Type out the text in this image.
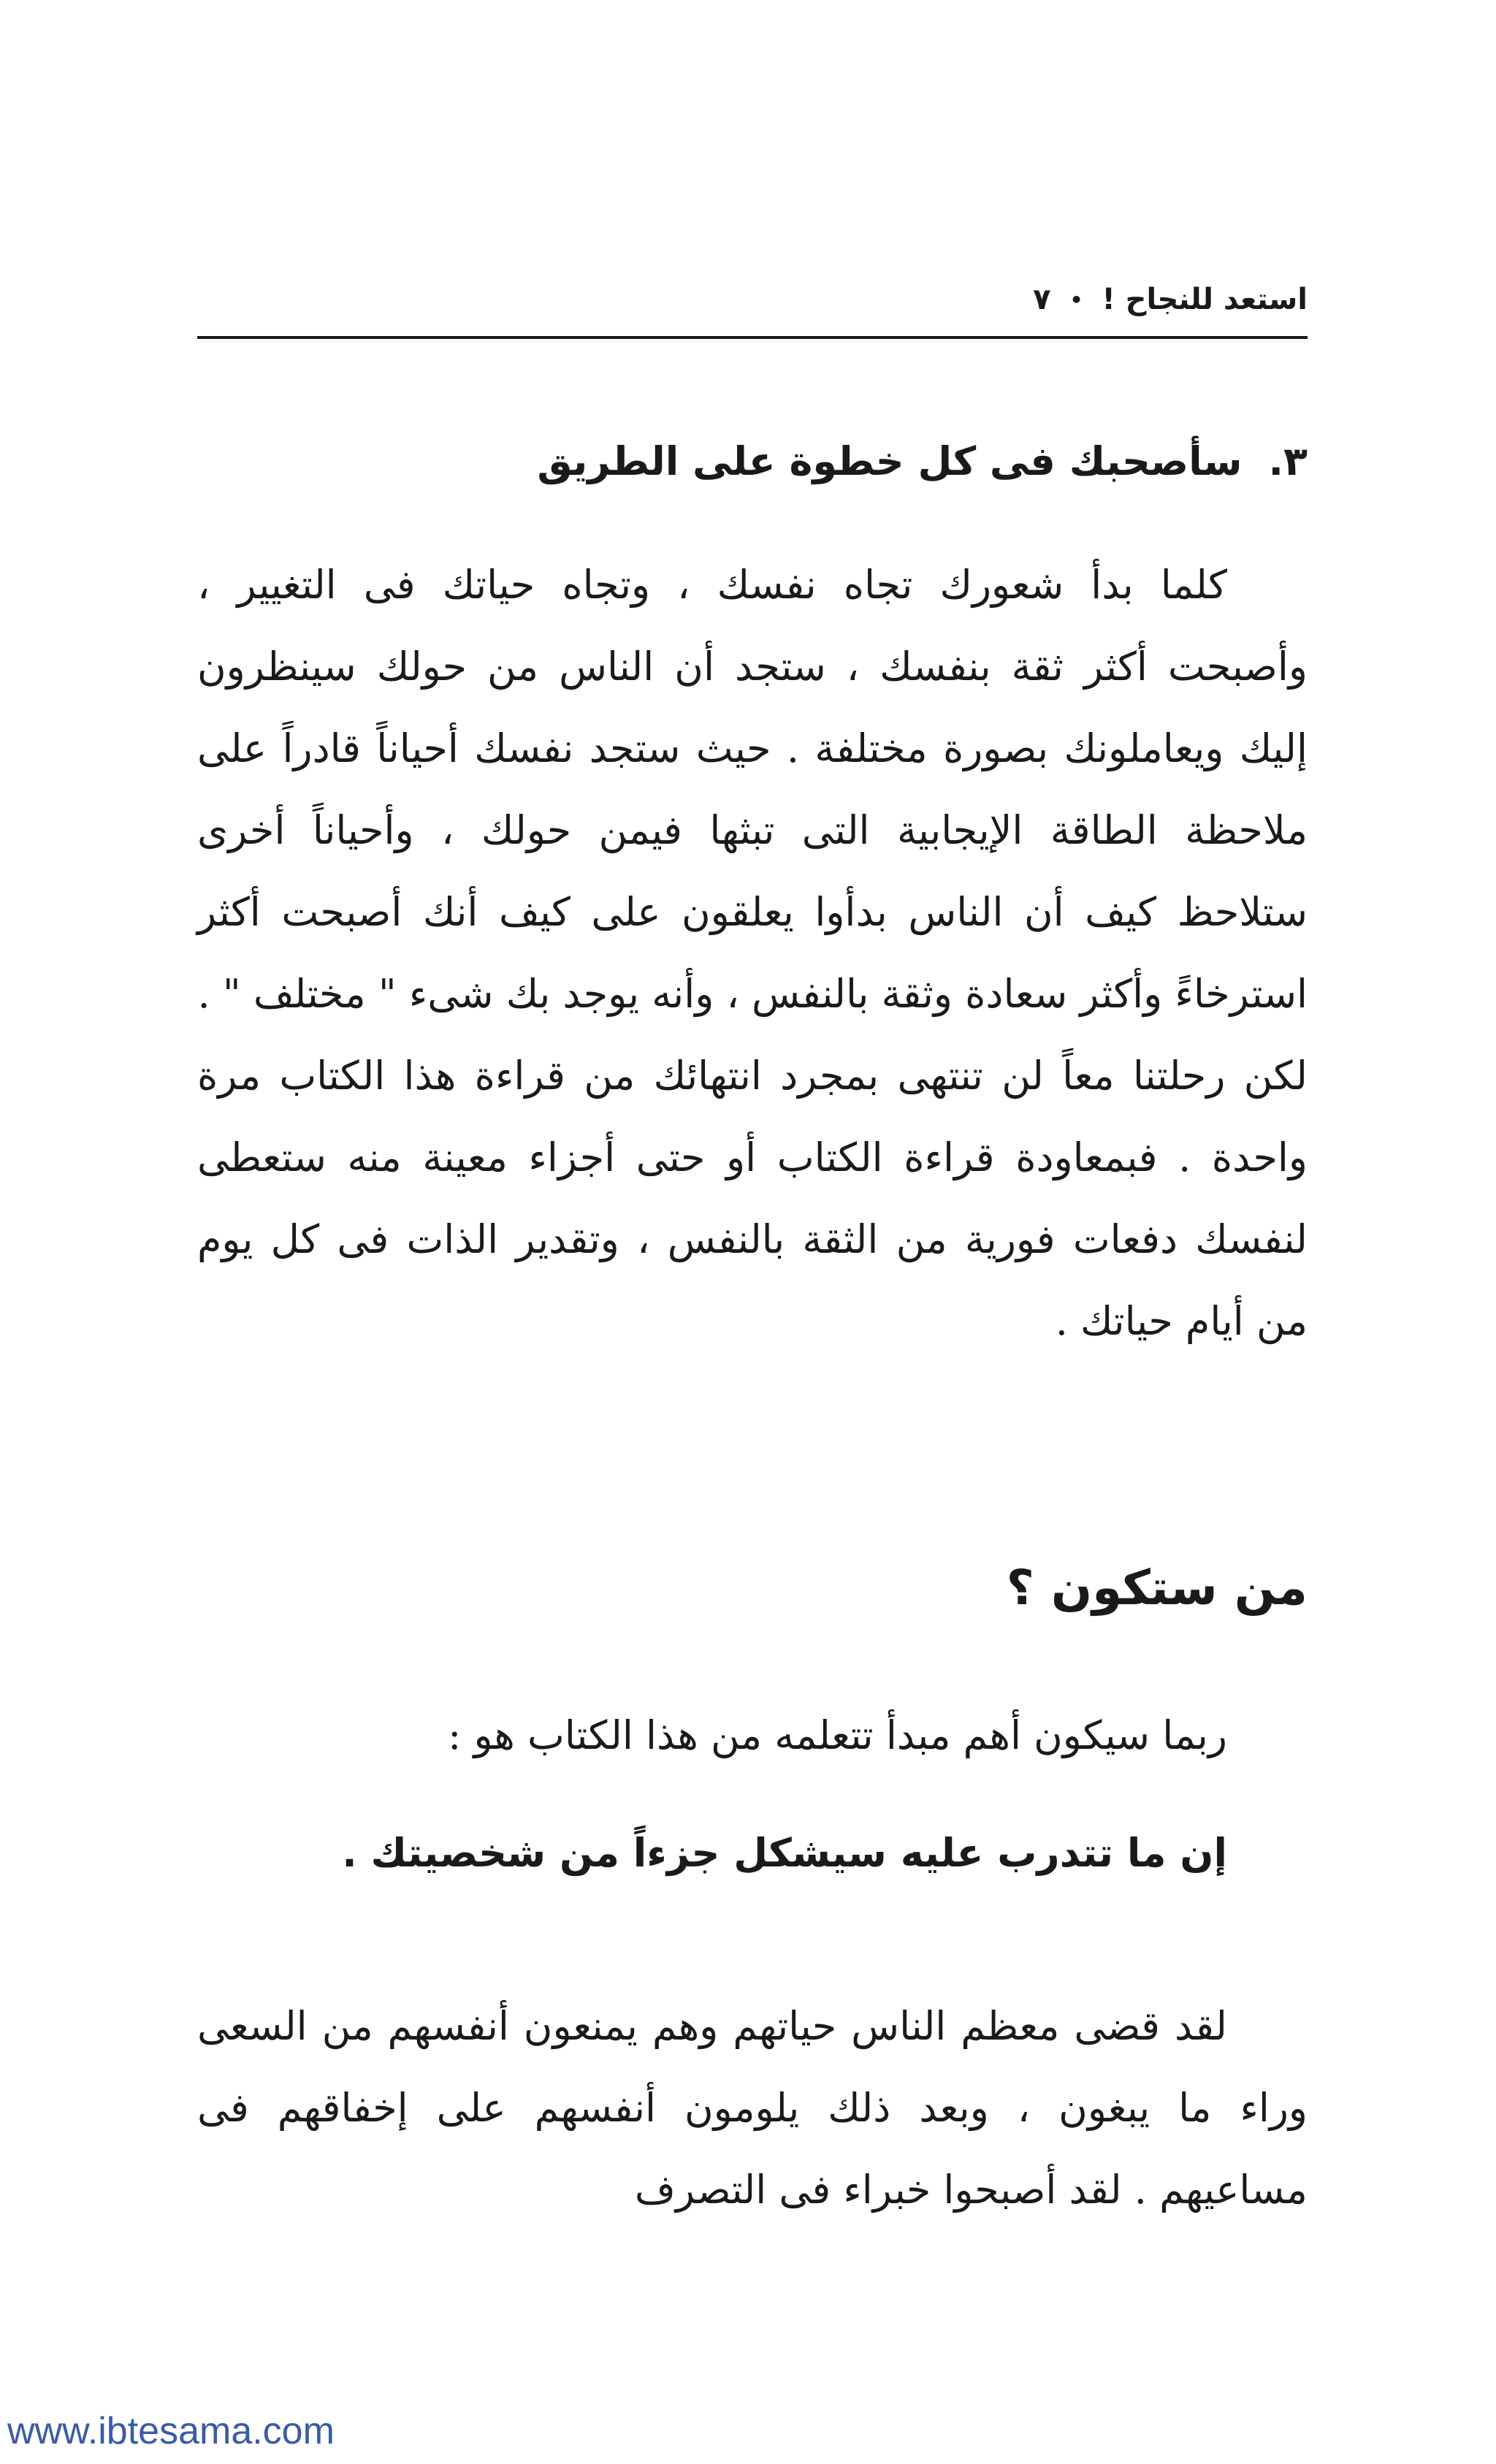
استعد للنجاح !
•
٧
٣.سأصحبك فى كل خطوة على الطريق

كلما بدأ شعورك تجاه نفسك ، وتجاه حياتك فى التغيير ، وأصبحت أكثر ثقة بنفسك ، ستجد أن الناس من حولك سينظرون إليك ويعاملونك بصورة مختلفة . حيث ستجد نفسك أحياناً قادراً على ملاحظة الطاقة الإيجابية التى تبثها فيمن حولك ، وأحياناً أخرى ستلاحظ كيف أن الناس بدأوا يعلقون على كيف أنك أصبحت أكثر استرخاءً وأكثر سعادة وثقة بالنفس ، وأنه يوجد بك شىء " مختلف " .

لكن رحلتنا معاً لن تنتهى بمجرد انتهائك من قراءة هذا الكتاب مرة واحدة . فبمعاودة قراءة الكتاب أو حتى أجزاء معينة منه ستعطى لنفسك دفعات فورية من الثقة بالنفس ، وتقدير الذات فى كل يوم من أيام حياتك .

من ستكون ؟

ربما سيكون أهم مبدأ تتعلمه من هذا الكتاب هو :

إن ما تتدرب عليه سيشكل جزءاً من شخصيتك .

لقد قضى معظم الناس حياتهم وهم يمنعون أنفسهم من السعى وراء ما يبغون ، وبعد ذلك يلومون أنفسهم على إخفاقهم فى مساعيهم . لقد أصبحوا خبراء فى التصرف

www.ibtesama.com
